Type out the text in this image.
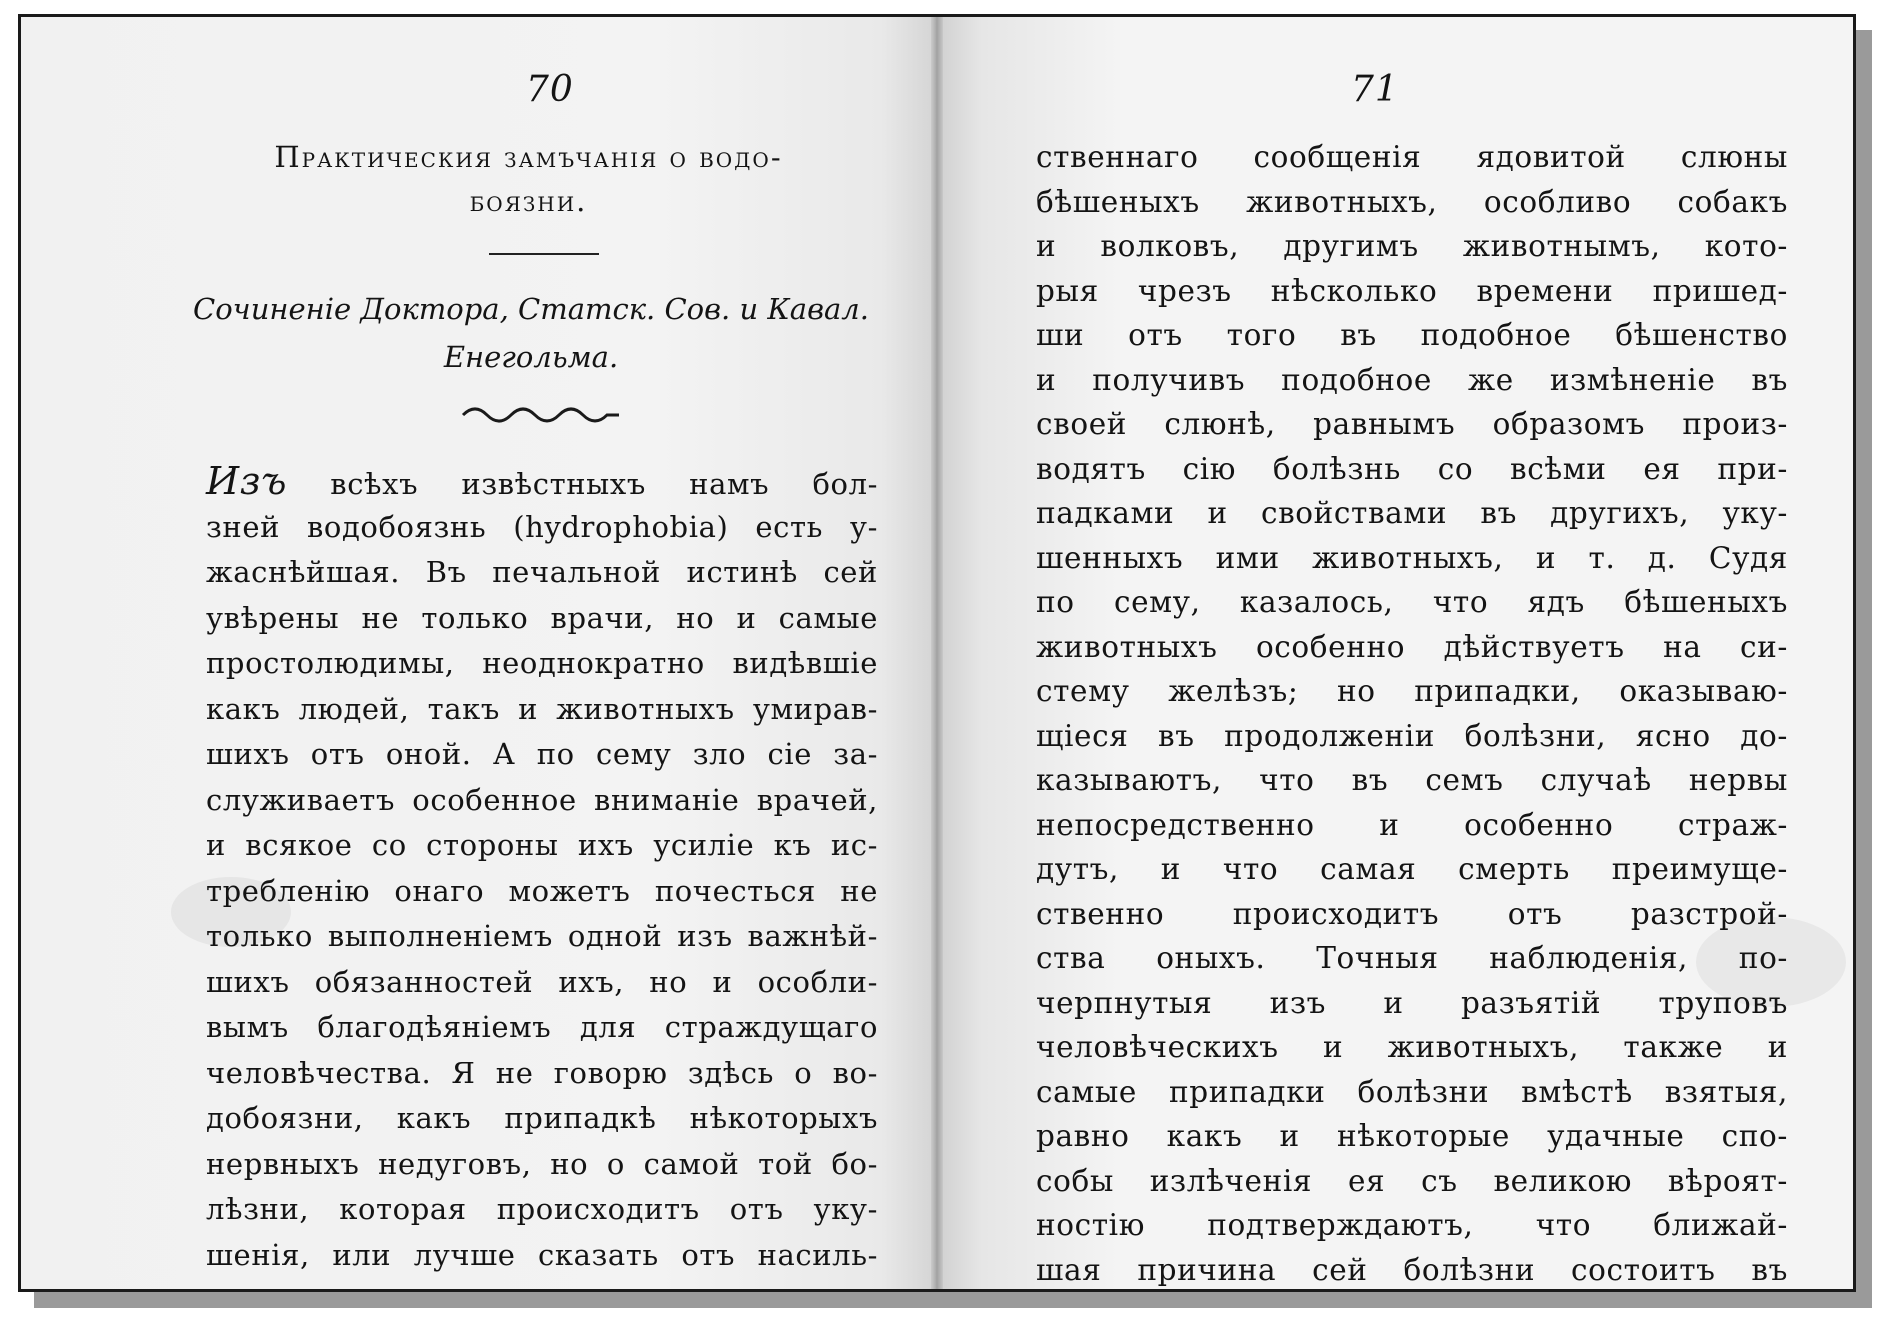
70
Практическия замъчанія о водо-
боязни.
Сочиненіе Доктора, Статск. Сов. и Кавал.
Енегольма.
Изъ всѣхъ извѣстныхъ намъ бол-
зней водобоязнь (hydrophobia) есть у-
жаснѣйшая. Въ печальной истинѣ сей
увѣрены не только врачи, но и самые
простолюдимы, неоднократно видѣвшіе
какъ людей, такъ и животныхъ умирав-
шихъ отъ оной. А по сему зло сіе за-
служиваетъ особенное вниманіе врачей,
и всякое со стороны ихъ усиліе къ ис-
требленію онаго можетъ почесться не
только выполненіемъ одной изъ важнѣй-
шихъ обязанностей ихъ, но и особли-
вымъ благодѣяніемъ для страждущаго
человѣчества. Я не говорю здѣсь о во-
добоязни, какъ припадкѣ нѣкоторыхъ
нервныхъ недуговъ, но о самой той бо-
лѣзни, которая происходитъ отъ уку-
шенія, или лучше сказать отъ насиль-
71
ственнаго сообщенія ядовитой слюны
бѣшеныхъ животныхъ, особливо собакъ
и волковъ, другимъ животнымъ, кото-
рыя чрезъ нѣсколько времени пришед-
ши отъ того въ подобное бѣшенство
и получивъ подобное же измѣненіе въ
своей слюнѣ, равнымъ образомъ произ-
водятъ сію болѣзнь со всѣми ея при-
падками и свойствами въ другихъ, уку-
шенныхъ ими животныхъ, и т. д. Судя
по сему, казалось, что ядъ бѣшеныхъ
животныхъ особенно дѣйствуетъ на си-
стему желѣзъ; но припадки, оказываю-
щіеся въ продолженіи болѣзни, ясно до-
казываютъ, что въ семъ случаѣ нервы
непосредственно и особенно страж-
дутъ, и что самая смерть преимуще-
ственно происходитъ отъ разстрой-
ства оныхъ. Точныя наблюденія, по-
черпнутыя изъ и разъятій труповъ
человѣческихъ и животныхъ, также и
самые припадки болѣзни вмѣстѣ взятыя,
равно какъ и нѣкоторые удачные спо-
собы излѣченія ея съ великою вѣроят-
ностію подтверждаютъ, что ближай-
шая причина сей болѣзни состоитъ въ
